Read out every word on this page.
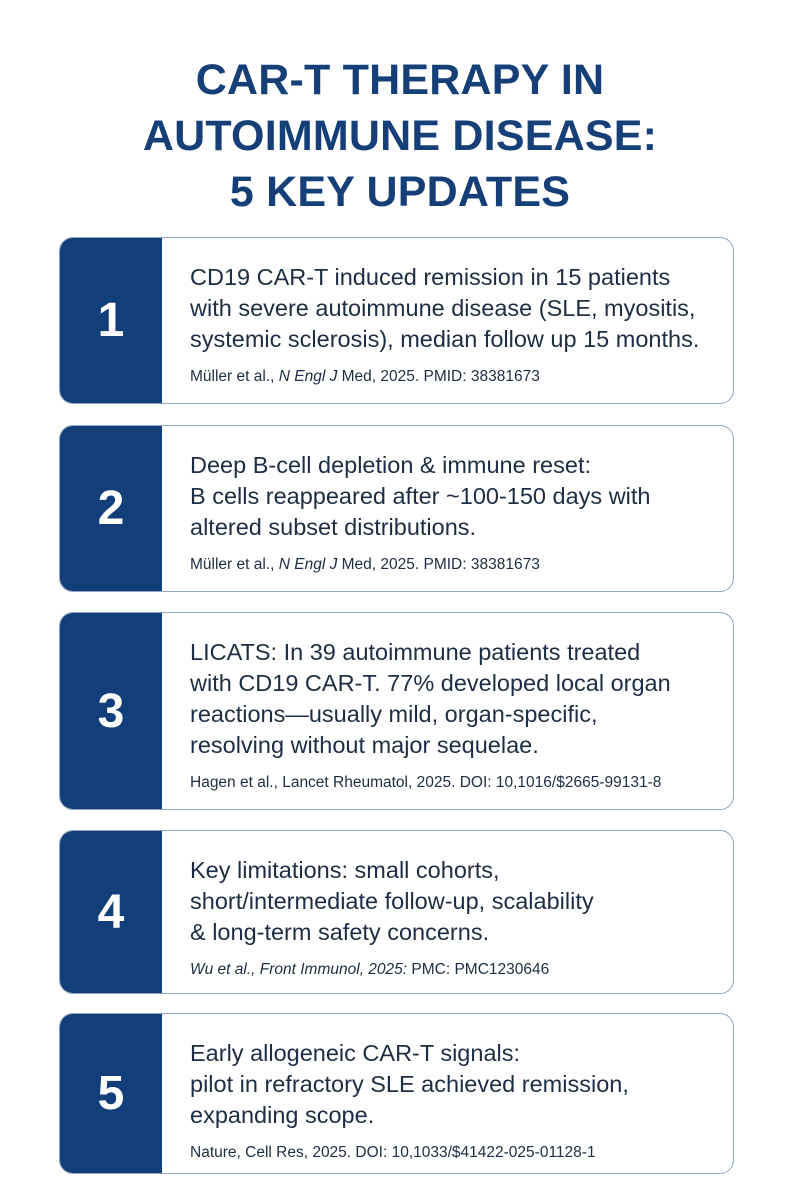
CAR-T THERAPY IN
AUTOIMMUNE DISEASE:
5 KEY UPDATES
1
CD19 CAR-T induced remission in 15 patients
with severe autoimmune disease (SLE, myositis,
systemic sclerosis), median follow up 15 months.
Müller et al., N Engl J Med, 2025. PMID: 38381673
2
Deep B-cell depletion & immune reset:
B cells reappeared after ~100-150 days with
altered subset distributions.
Müller et al., N Engl J Med, 2025. PMID: 38381673
3
LICATS: In 39 autoimmune patients treated
with CD19 CAR-T. 77% developed local organ
reactions—usually mild, organ-specific,
resolving without major sequelae.
Hagen et al., Lancet Rheumatol, 2025. DOI: 10,1016/$2665-99131-8
4
Key limitations: small cohorts,
short/intermediate follow-up, scalability
& long-term safety concerns.
Wu et al., Front Immunol, 2025: PMC: PMC1230646
5
Early allogeneic CAR-T signals:
pilot in refractory SLE achieved remission,
expanding scope.
Nature, Cell Res, 2025. DOI: 10,1033/$41422-025-01128-1
